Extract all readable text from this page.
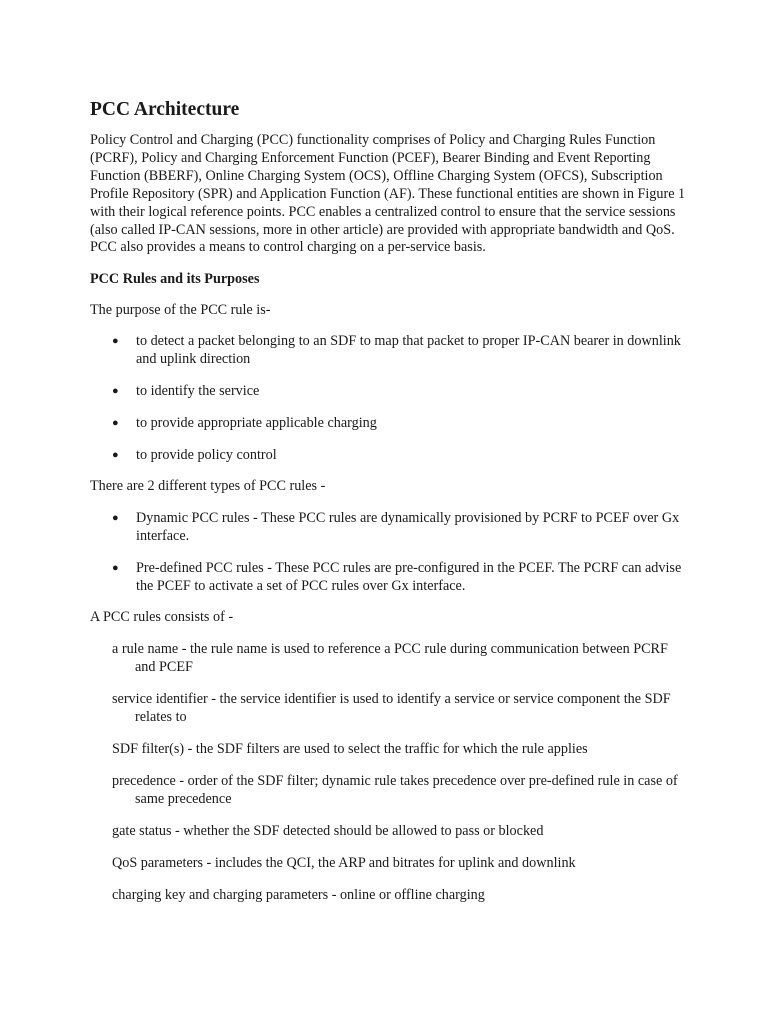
PCC Architecture

Policy Control and Charging (PCC) functionality comprises of Policy and Charging Rules Function (PCRF), Policy and Charging Enforcement Function (PCEF), Bearer Binding and Event Reporting Function (BBERF), Online Charging System (OCS), Offline Charging System (OFCS), Subscription Profile Repository (SPR) and Application Function (AF). These functional entities are shown in Figure 1 with their logical reference points. PCC enables a centralized control to ensure that the service sessions (also called IP-CAN sessions, more in other article) are provided with appropriate bandwidth and QoS. PCC also provides a means to control charging on a per-service basis.

PCC Rules and its Purposes
The purpose of the PCC rule is-
● to detect a packet belonging to an SDF to map that packet to proper IP-CAN bearer in downlink and uplink direction
● to identify the service
● to provide appropriate applicable charging
● to provide policy control
There are 2 different types of PCC rules -
● Dynamic PCC rules - These PCC rules are dynamically provisioned by PCRF to PCEF over Gx interface.
● Pre-defined PCC rules - These PCC rules are pre-configured in the PCEF. The PCRF can advise the PCEF to activate a set of PCC rules over Gx interface.
A PCC rules consists of -
a rule name - the rule name is used to reference a PCC rule during communication between PCRF and PCEF
service identifier - the service identifier is used to identify a service or service component the SDF relates to
SDF filter(s) - the SDF filters are used to select the traffic for which the rule applies
precedence - order of the SDF filter; dynamic rule takes precedence over pre-defined rule in case of same precedence
gate status - whether the SDF detected should be allowed to pass or blocked
QoS parameters - includes the QCI, the ARP and bitrates for uplink and downlink
charging key and charging parameters - online or offline charging
